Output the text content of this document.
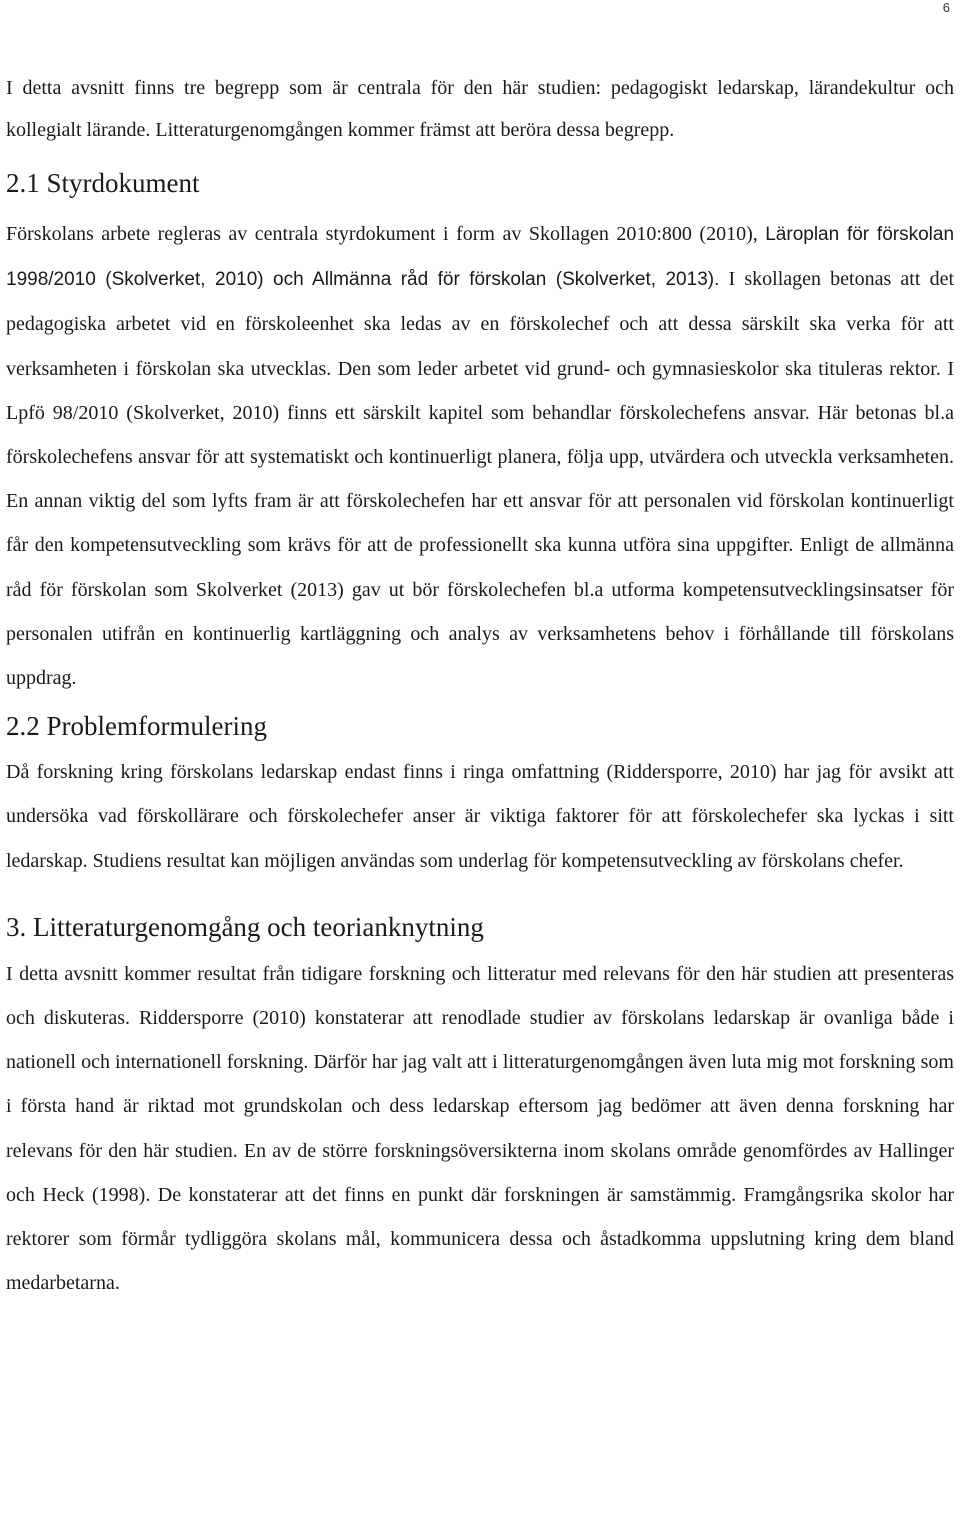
6

I detta avsnitt finns tre begrepp som är centrala för den här studien: pedagogiskt ledarskap, lärandekultur och kollegialt lärande. Litteraturgenomgången kommer främst att beröra dessa begrepp.

2.1 Styrdokument

Förskolans arbete regleras av centrala styrdokument i form av Skollagen 2010:800 (2010), Läroplan för förskolan 1998/2010 (Skolverket, 2010) och Allmänna råd för förskolan (Skolverket, 2013). I skollagen betonas att det pedagogiska arbetet vid en förskoleenhet ska ledas av en förskolechef och att dessa särskilt ska verka för att verksamheten i förskolan ska utvecklas. Den som leder arbetet vid grund- och gymnasieskolor ska tituleras rektor. I Lpfö 98/2010 (Skolverket, 2010) finns ett särskilt kapitel som behandlar förskolechefens ansvar. Här betonas bl.a förskolechefens ansvar för att systematiskt och kontinuerligt planera, följa upp, utvärdera och utveckla verksamheten. En annan viktig del som lyfts fram är att förskolechefen har ett ansvar för att personalen vid förskolan kontinuerligt får den kompetensutveckling som krävs för att de professionellt ska kunna utföra sina uppgifter. Enligt de allmänna råd för förskolan som Skolverket (2013) gav ut bör förskolechefen bl.a utforma kompetensutvecklingsinsatser för personalen utifrån en kontinuerlig kartläggning och analys av verksamhetens behov i förhållande till förskolans uppdrag.

2.2 Problemformulering

Då forskning kring förskolans ledarskap endast finns i ringa omfattning (Riddersporre, 2010) har jag för avsikt att undersöka vad förskollärare och förskolechefer anser är viktiga faktorer för att förskolechefer ska lyckas i sitt ledarskap. Studiens resultat kan möjligen användas som underlag för kompetensutveckling av förskolans chefer.

3. Litteraturgenomgång och teorianknytning

I detta avsnitt kommer resultat från tidigare forskning och litteratur med relevans för den här studien att presenteras och diskuteras. Riddersporre (2010) konstaterar att renodlade studier av förskolans ledarskap är ovanliga både i nationell och internationell forskning. Därför har jag valt att i litteraturgenomgången även luta mig mot forskning som i första hand är riktad mot grundskolan och dess ledarskap eftersom jag bedömer att även denna forskning har relevans för den här studien. En av de större forskningsöversikterna inom skolans område genomfördes av Hallinger och Heck (1998). De konstaterar att det finns en punkt där forskningen är samstämmig. Framgångsrika skolor har rektorer som förmår tydliggöra skolans mål, kommunicera dessa och åstadkomma uppslutning kring dem bland medarbetarna.
